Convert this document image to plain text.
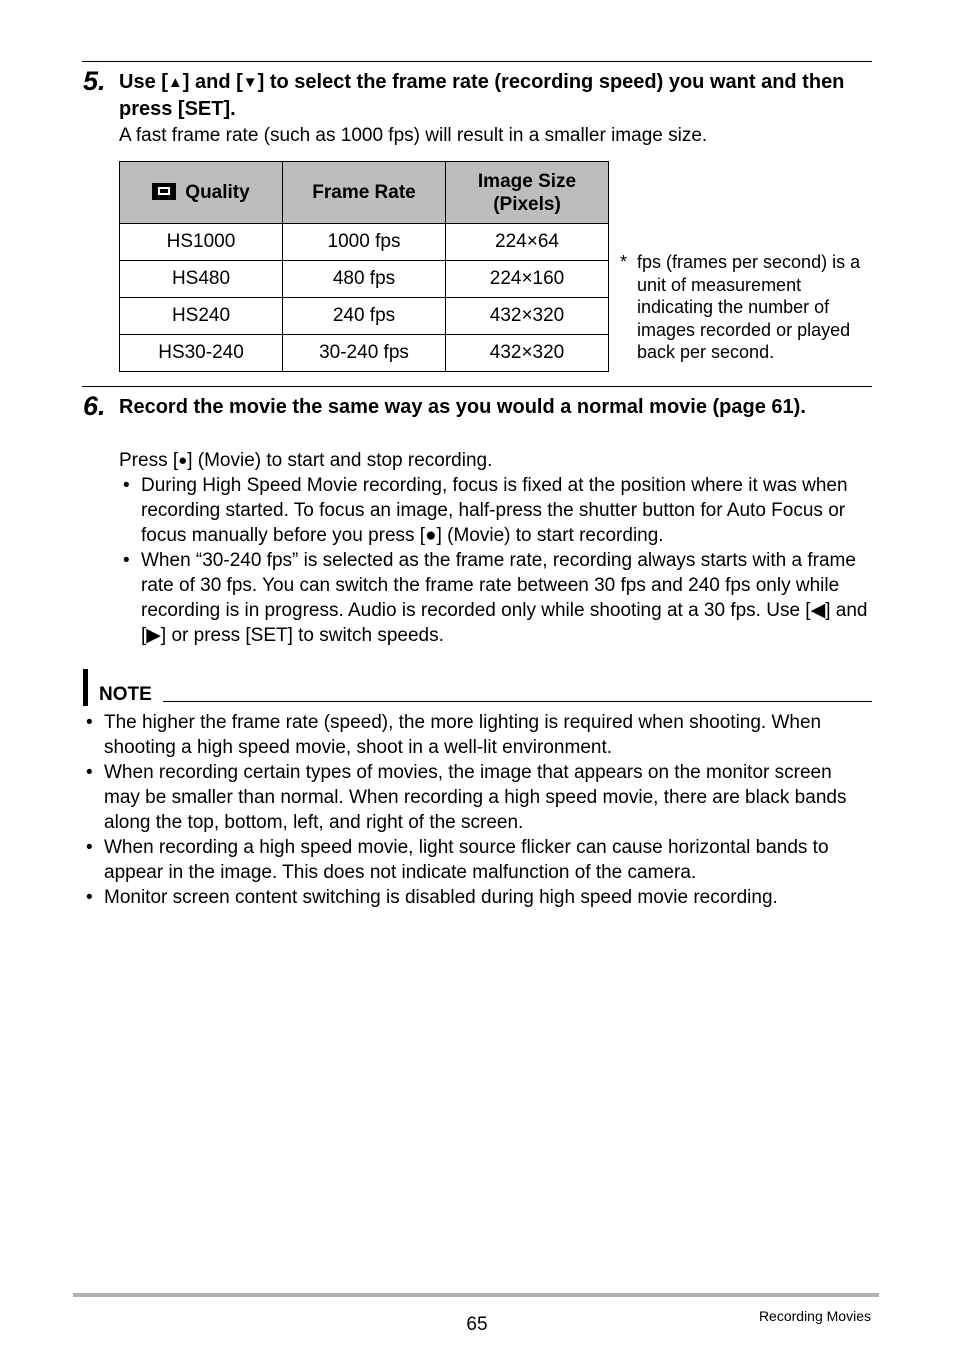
5. Use [▲] and [▼] to select the frame rate (recording speed) you want and then press [SET].
A fast frame rate (such as 1000 fps) will result in a smaller image size.
Quality	Frame Rate	Image Size
(Pixels)
HS1000	1000 fps	224×64
HS480	480 fps	224×160
HS240	240 fps	432×320
HS30-240	30-240 fps	432×320
* fps (frames per second) is a unit of measurement indicating the number of images recorded or played back per second.
6. Record the movie the same way as you would a normal movie (page 61).
Press [●] (Movie) to start and stop recording.
• During High Speed Movie recording, focus is fixed at the position where it was when recording started. To focus an image, half-press the shutter button for Auto Focus or focus manually before you press [●] (Movie) to start recording.
• When “30-240 fps” is selected as the frame rate, recording always starts with a frame rate of 30 fps. You can switch the frame rate between 30 fps and 240 fps only while recording is in progress. Audio is recorded only while shooting at a 30 fps. Use [◀] and [▶] or press [SET] to switch speeds.
NOTE
• The higher the frame rate (speed), the more lighting is required when shooting. When shooting a high speed movie, shoot in a well-lit environment.
• When recording certain types of movies, the image that appears on the monitor screen may be smaller than normal. When recording a high speed movie, there are black bands along the top, bottom, left, and right of the screen.
• When recording a high speed movie, light source flicker can cause horizontal bands to appear in the image. This does not indicate malfunction of the camera.
• Monitor screen content switching is disabled during high speed movie recording.
65	Recording Movies
